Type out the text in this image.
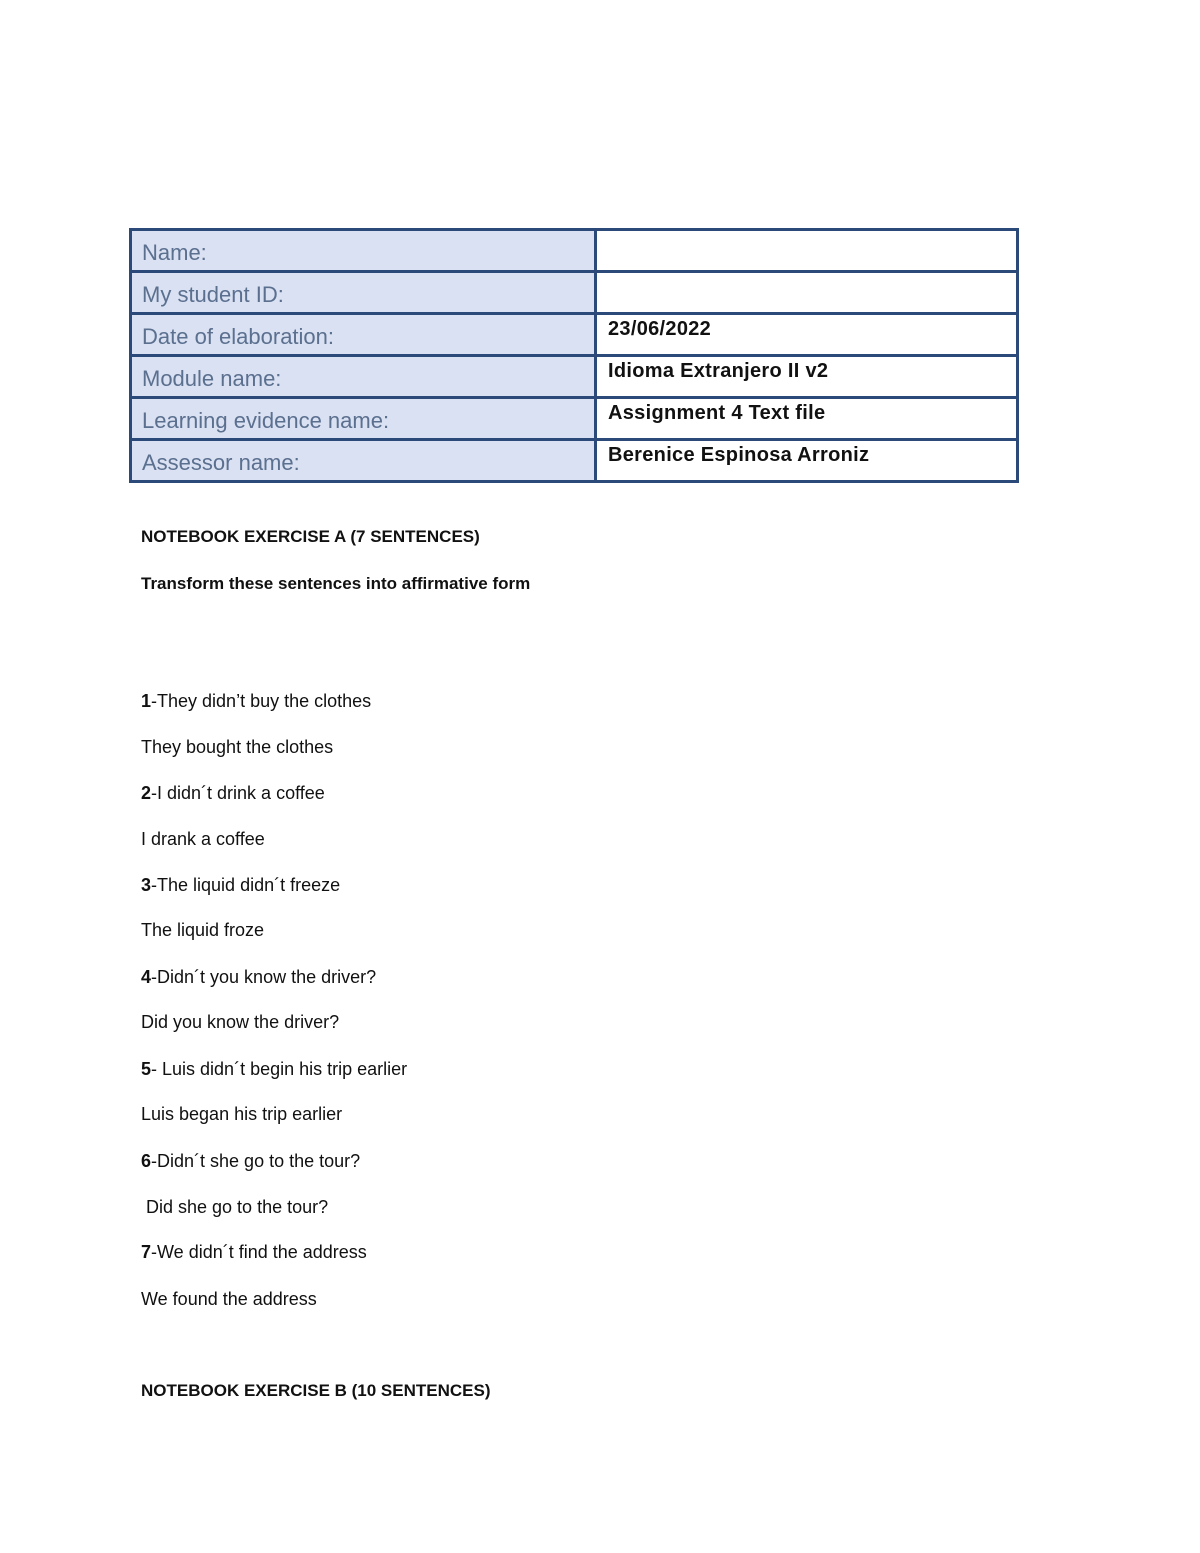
Name:	
My student ID:	
Date of elaboration:	23/06/2022
Module name:	Idioma Extranjero II v2
Learning evidence name:	Assignment 4 Text file
Assessor name:	Berenice Espinosa Arroniz
NOTEBOOK EXERCISE A (7 SENTENCES)
Transform these sentences into affirmative form
1-They didn’t buy the clothes
They bought the clothes
2-I didn´t drink a coffee
I drank a coffee
3-The liquid didn´t freeze
The liquid froze
4-Didn´t you know the driver?
Did you know the driver?
5- Luis didn´t begin his trip earlier
Luis began his trip earlier
6-Didn´t she go to the tour?
Did she go to the tour?
7-We didn´t find the address
We found the address
NOTEBOOK EXERCISE B (10 SENTENCES)
